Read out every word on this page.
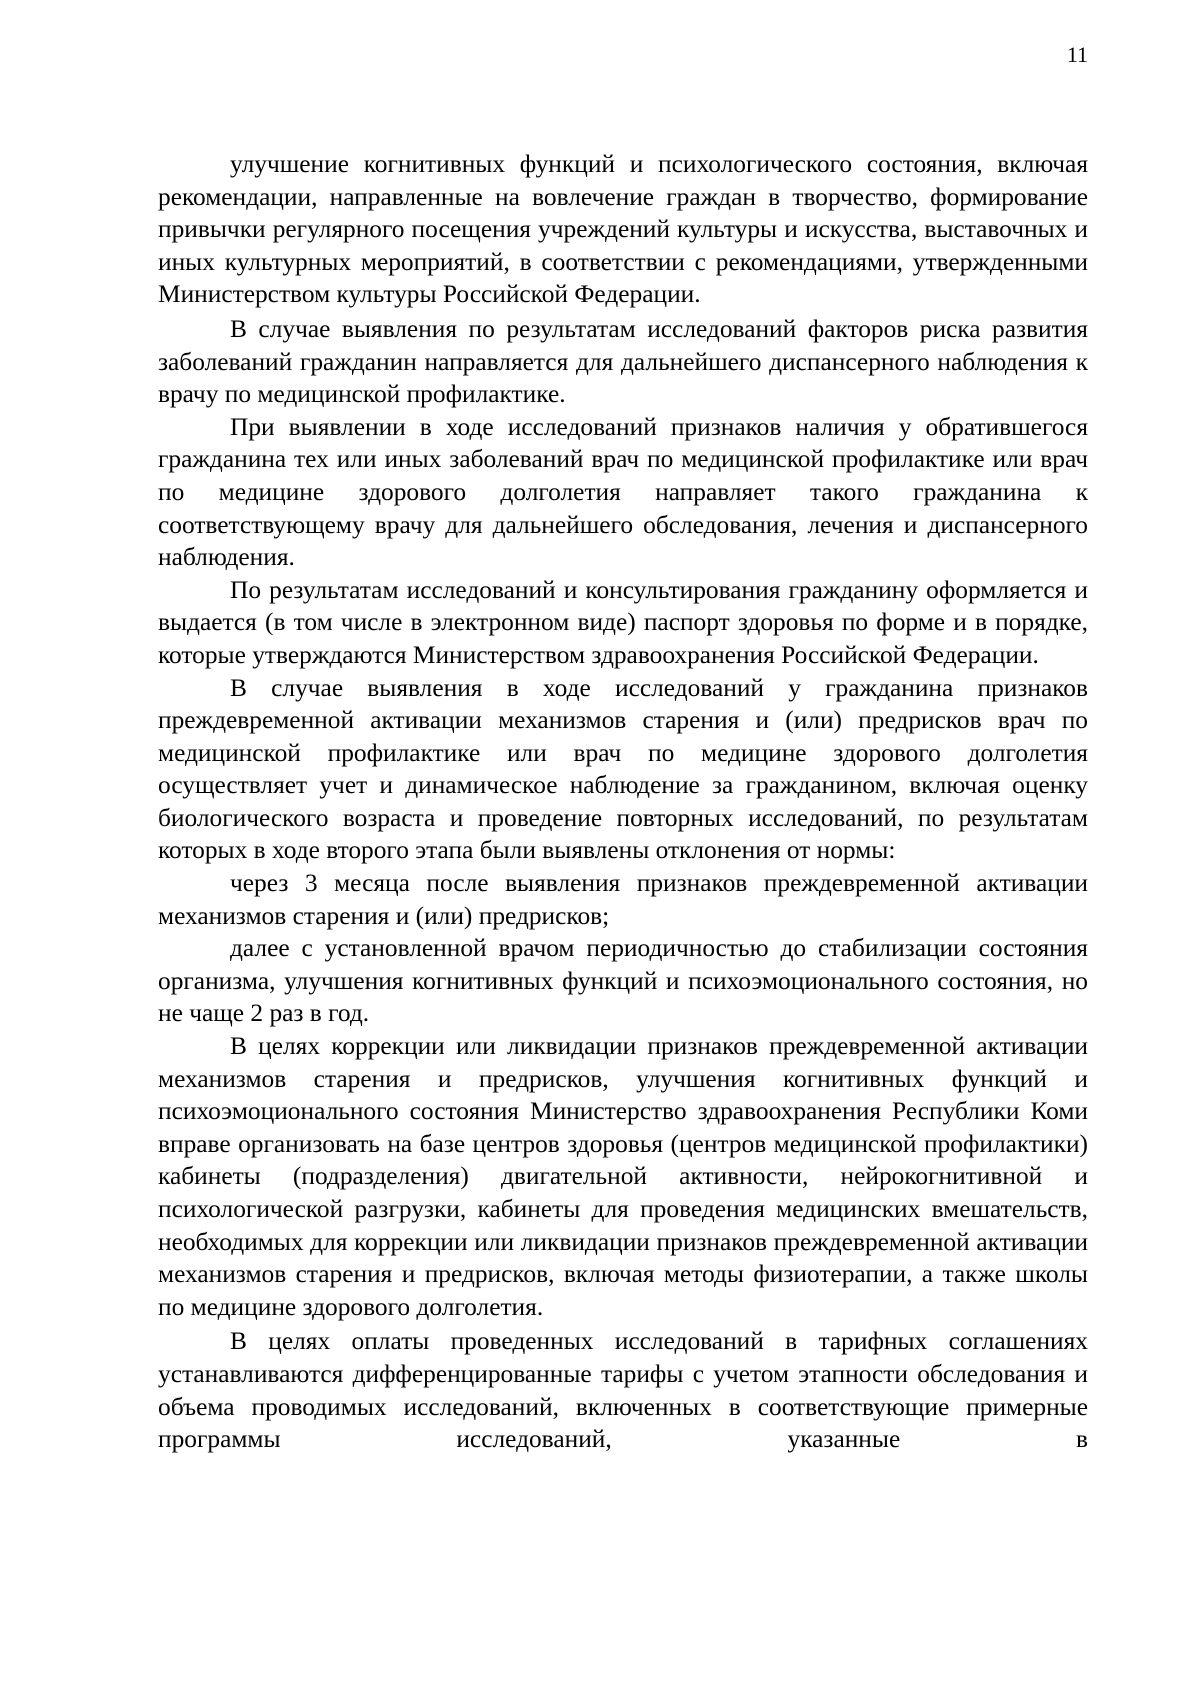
11

улучшение когнитивных функций и психологического состояния, включая рекомендации, направленные на вовлечение граждан в творчество, формирование привычки регулярного посещения учреждений культуры и искусства, выставочных и иных культурных мероприятий, в соответствии с рекомендациями, утвержденными Министерством культуры Российской Федерации.

В случае выявления по результатам исследований факторов риска развития заболеваний гражданин направляется для дальнейшего диспансерного наблюдения к врачу по медицинской профилактике.

При выявлении в ходе исследований признаков наличия у обратившегося гражданина тех или иных заболеваний врач по медицинской профилактике или врач по медицине здорового долголетия направляет такого гражданина к соответствующему врачу для дальнейшего обследования, лечения и диспансерного наблюдения.

По результатам исследований и консультирования гражданину оформляется и выдается (в том числе в электронном виде) паспорт здоровья по форме и в порядке, которые утверждаются Министерством здравоохранения Российской Федерации.

В случае выявления в ходе исследований у гражданина признаков преждевременной активации механизмов старения и (или) предрисков врач по медицинской профилактике или врач по медицине здорового долголетия осуществляет учет и динамическое наблюдение за гражданином, включая оценку биологического возраста и проведение повторных исследований, по результатам которых в ходе второго этапа были выявлены отклонения от нормы:

через 3 месяца после выявления признаков преждевременной активации механизмов старения и (или) предрисков;

далее с установленной врачом периодичностью до стабилизации состояния организма, улучшения когнитивных функций и психоэмоционального состояния, но не чаще 2 раз в год.

В целях коррекции или ликвидации признаков преждевременной активации механизмов старения и предрисков, улучшения когнитивных функций и психоэмоционального состояния Министерство здравоохранения Республики Коми вправе организовать на базе центров здоровья (центров медицинской профилактики) кабинеты (подразделения) двигательной активности, нейрокогнитивной и психологической разгрузки, кабинеты для проведения медицинских вмешательств, необходимых для коррекции или ликвидации признаков преждевременной активации механизмов старения и предрисков, включая методы физиотерапии, а также школы по медицине здорового долголетия.

В целях оплаты проведенных исследований в тарифных соглашениях устанавливаются дифференцированные тарифы с учетом этапности обследования и объема проводимых исследований, включенных в соответствующие примерные программы исследований, указанные в
